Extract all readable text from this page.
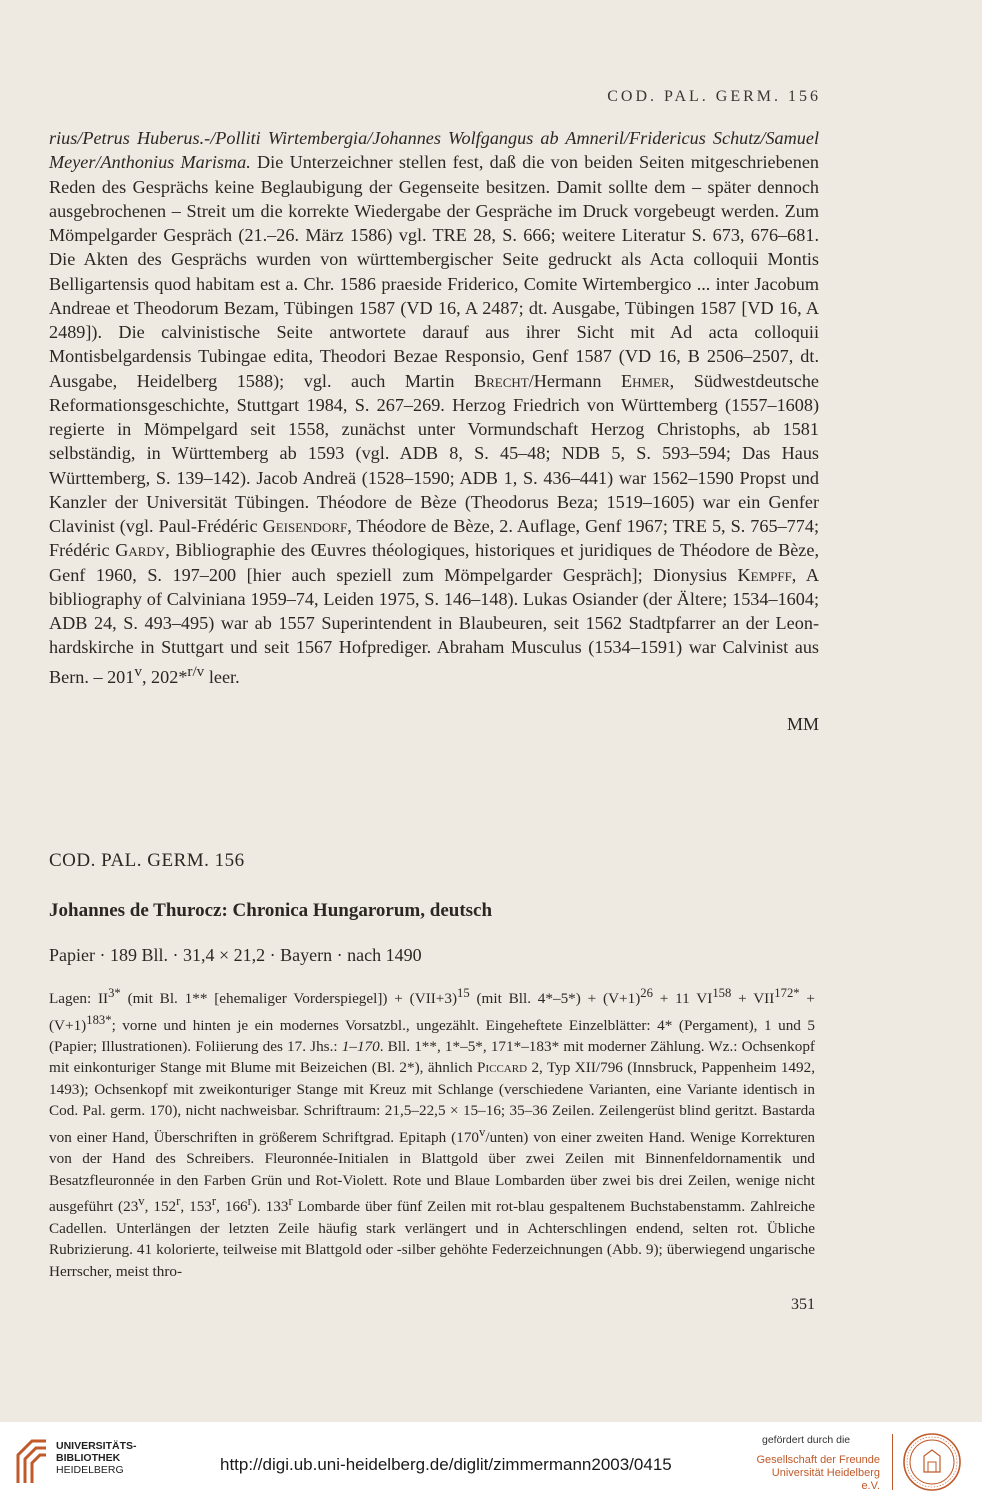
COD. PAL. GERM. 156

rius/Petrus Huberus.-/Polliti Wirtembergia/Johannes Wolfgangus ab Amneril/Fridericus Schutz/Samuel Meyer/Anthonius Marisma. Die Unterzeichner stellen fest, daß die von beiden Seiten mitgeschriebenen Reden des Gesprächs keine Beglaubigung der Gegenseite besitzen. Damit sollte dem – später dennoch ausgebrochenen – Streit um die korrekte Wiedergabe der Gespräche im Druck vorgebeugt werden. Zum Mömpelgarder Gespräch (21.–26. März 1586) vgl. TRE 28, S. 666; weitere Literatur S. 673, 676–681. Die Akten des Gesprächs wurden von württembergischer Seite gedruckt als Acta colloquii Montis Belligartensis quod habitam est a. Chr. 1586 praeside Friderico, Comite Wirtembergico ... inter Jacobum Andreae et Theodorum Bezam, Tübingen 1587 (VD 16, A 2487; dt. Ausgabe, Tübingen 1587 [VD 16, A 2489]). Die calvinistische Seite antwortete darauf aus ihrer Sicht mit Ad acta colloquii Montisbelgardensis Tubingae edita, Theodori Bezae Responsio, Genf 1587 (VD 16, B 2506–2507, dt. Ausgabe, Heidelberg 1588); vgl. auch Martin Brecht/Hermann Ehmer, Südwestdeutsche Reformationsgeschichte, Stuttgart 1984, S. 267–269. Herzog Friedrich von Württemberg (1557–1608) regierte in Mömpelgard seit 1558, zunächst unter Vormundschaft Herzog Christophs, ab 1581 selbständig, in Württemberg ab 1593 (vgl. ADB 8, S. 45–48; NDB 5, S. 593–594; Das Haus Württemberg, S. 139–142). Jacob Andreä (1528–1590; ADB 1, S. 436–441) war 1562–1590 Propst und Kanzler der Universität Tübingen. Théodore de Bèze (Theodorus Beza; 1519–1605) war ein Genfer Clavinist (vgl. Paul-Frédéric Geisendorf, Théodore de Bèze, 2. Auflage, Genf 1967; TRE 5, S. 765–774; Frédéric Gardy, Bibliographie des Œuvres théologiques, historiques et juridiques de Théodore de Bèze, Genf 1960, S. 197–200 [hier auch speziell zum Mömpelgarder Gespräch]; Dionysius Kempff, A bibliography of Calviniana 1959–74, Leiden 1975, S. 146–148). Lukas Osiander (der Ältere; 1534–1604; ADB 24, S. 493–495) war ab 1557 Superintendent in Blaubeuren, seit 1562 Stadtpfarrer an der Leonhardskirche in Stuttgart und seit 1567 Hofprediger. Abraham Musculus (1534–1591) war Calvinist aus Bern. – 201$^v$, 202*$^{r/v}$ leer.

MM
COD. PAL. GERM. 156
Johannes de Thurocz: Chronica Hungarorum, deutsch
Papier · 189 Bll. · 31,4 × 21,2 · Bayern · nach 1490

Lagen: $II^{3*}$ (mit Bl. 1** [ehemaliger Vorderspiegel]) + $(VII+3)^{15}$ (mit Bll. $4*-5*) + (V+1)^{26} + 11$ $VI^{158} + VII^{172*} + (V+1)^{183*}$; vorne und hinten je ein modernes Vorsatzbl., ungezählt. Eingeheftete Einzelblätter: 4* (Pergament), 1 und 5 (Papier; Illustrationen). Foliierung des 17. Jhs.: 1–170. Bll. 1**, 1*–5*, 171*–183* mit moderner Zählung. Wz.: Ochsenkopf mit einkonturiger Stange mit Blume mit Beizeichen (Bl. 2*), ähnlich Piccard 2, Typ XII/796 (Innsbruck, Pappenheim 1492, 1493); Ochsenkopf mit zweikonturiger Stange mit Kreuz mit Schlange (verschiedene Varianten, eine Variante identisch in Cod. Pal. germ. 170), nicht nachweisbar. Schriftraum: 21,5–22,5 × 15–16; 35–36 Zeilen. Zeilengerüst blind geritzt. Bastarda von einer Hand, Überschriften in größerem Schriftgrad. Epitaph (170$^v$/unten) von einer zweiten Hand. Wenige Korrekturen von der Hand des Schreibers. Fleuronnée-Initialen in Blattgold über zwei Zeilen mit Binnenfeldornamentik und Besatzfleuronnée in den Farben Grün und Rot-Violett. Rote und Blaue Lombarden über zwei bis drei Zeilen, wenige nicht ausgeführt (23$^v$, 152$^r$, 153$^r$, 166$^r$). 133$^r$ Lombarde über fünf Zeilen mit rot-blau gespaltenem Buchstabenstamm. Zahlreiche Cadellen. Unterlängen der letzten Zeile häufig stark verlängert und in Achterschlingen endend, selten rot. Übliche Rubrizierung. 41 kolorierte, teilweise mit Blattgold oder -silber gehöhte Federzeichnungen (Abb. 9); überwiegend ungarische Herrscher, meist thro-

351
UNIVERSITÄTS-
BIBLIOTHEK
HEIDELBERG	http://digi.ub.uni-heidelberg.de/diglit/zimmermann2003/0415
gefördert durch die
Gesellschaft der Freunde
Universität Heidelberg e.V.
